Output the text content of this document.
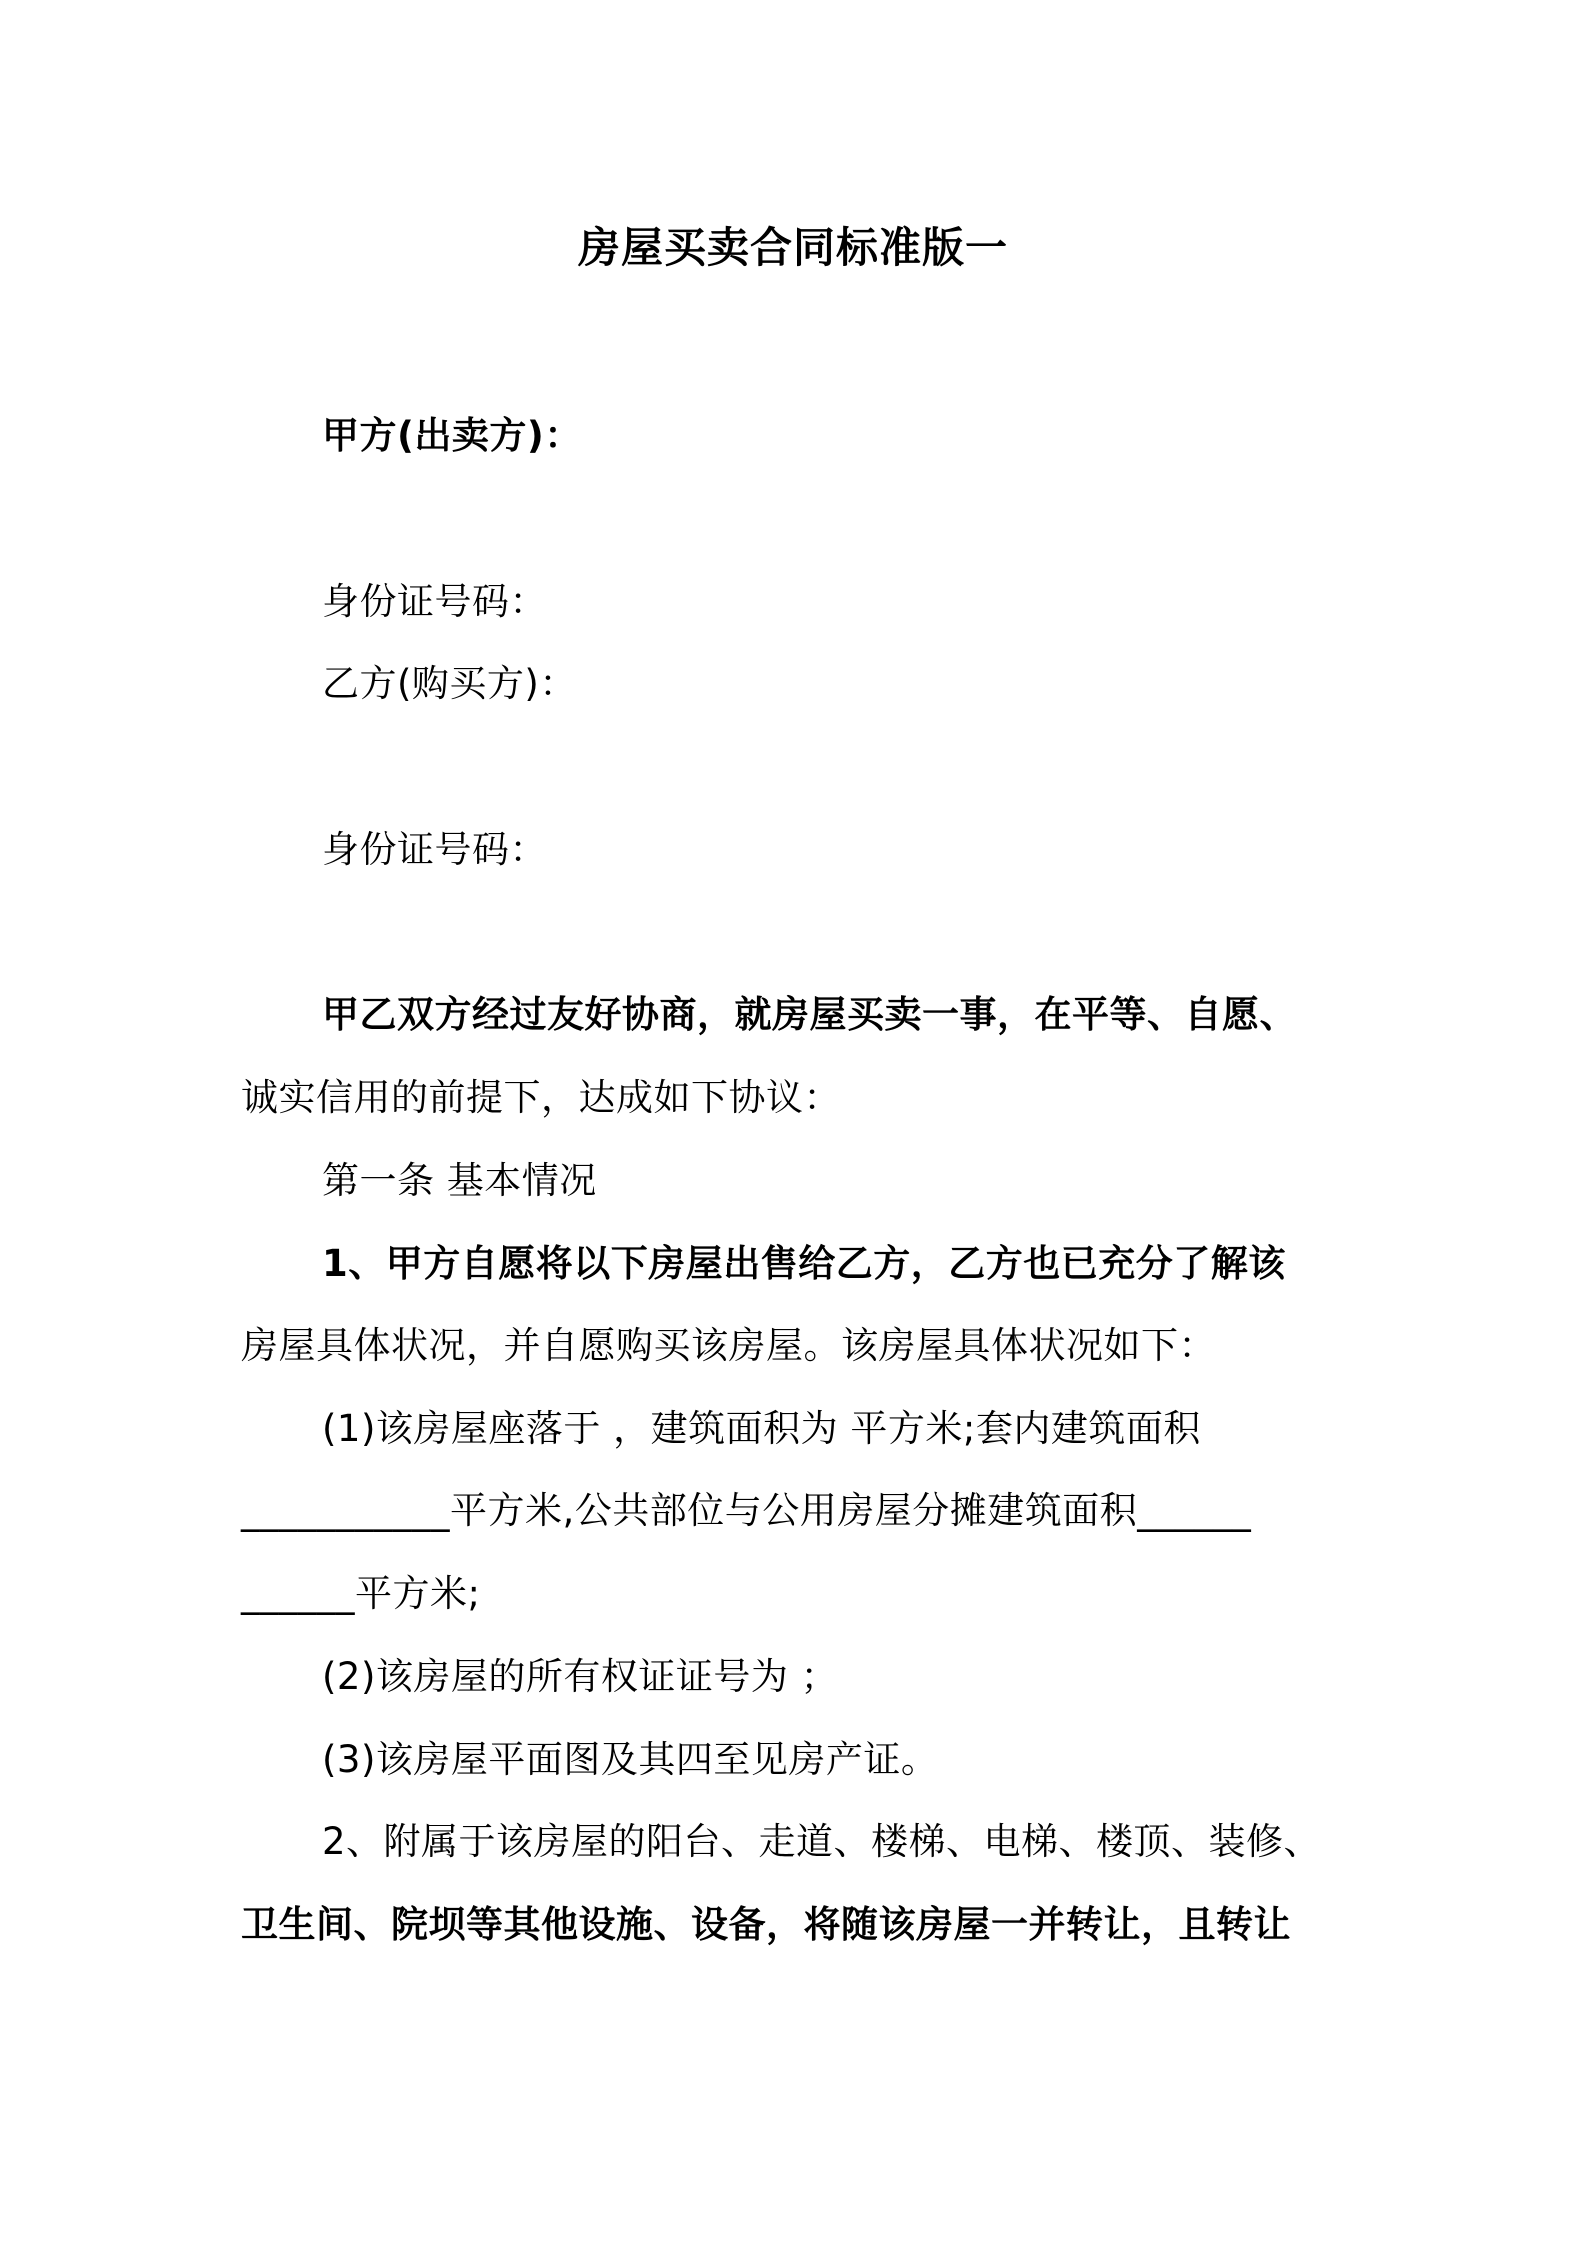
房屋买卖合同标准版一
甲方(出卖方)：
身份证号码：
乙方(购买方)：
身份证号码：
甲乙双方经过友好协商，就房屋买卖一事，在平等、自愿、
诚实信用的前提下，达成如下协议：
第一条 基本情况
1、甲方自愿将以下房屋出售给乙方，乙方也已充分了解该
房屋具体状况，并自愿购买该房屋。该房屋具体状况如下：
(1)该房屋座落于 ，建筑面积为 平方米;套内建筑面积
___________平方米,公共部位与公用房屋分摊建筑面积______
______平方米;
(2)该房屋的所有权证证号为 ；
(3)该房屋平面图及其四至见房产证。
2、附属于该房屋的阳台、走道、楼梯、电梯、楼顶、装修、
卫生间、院坝等其他设施、设备，将随该房屋一并转让，且转让
